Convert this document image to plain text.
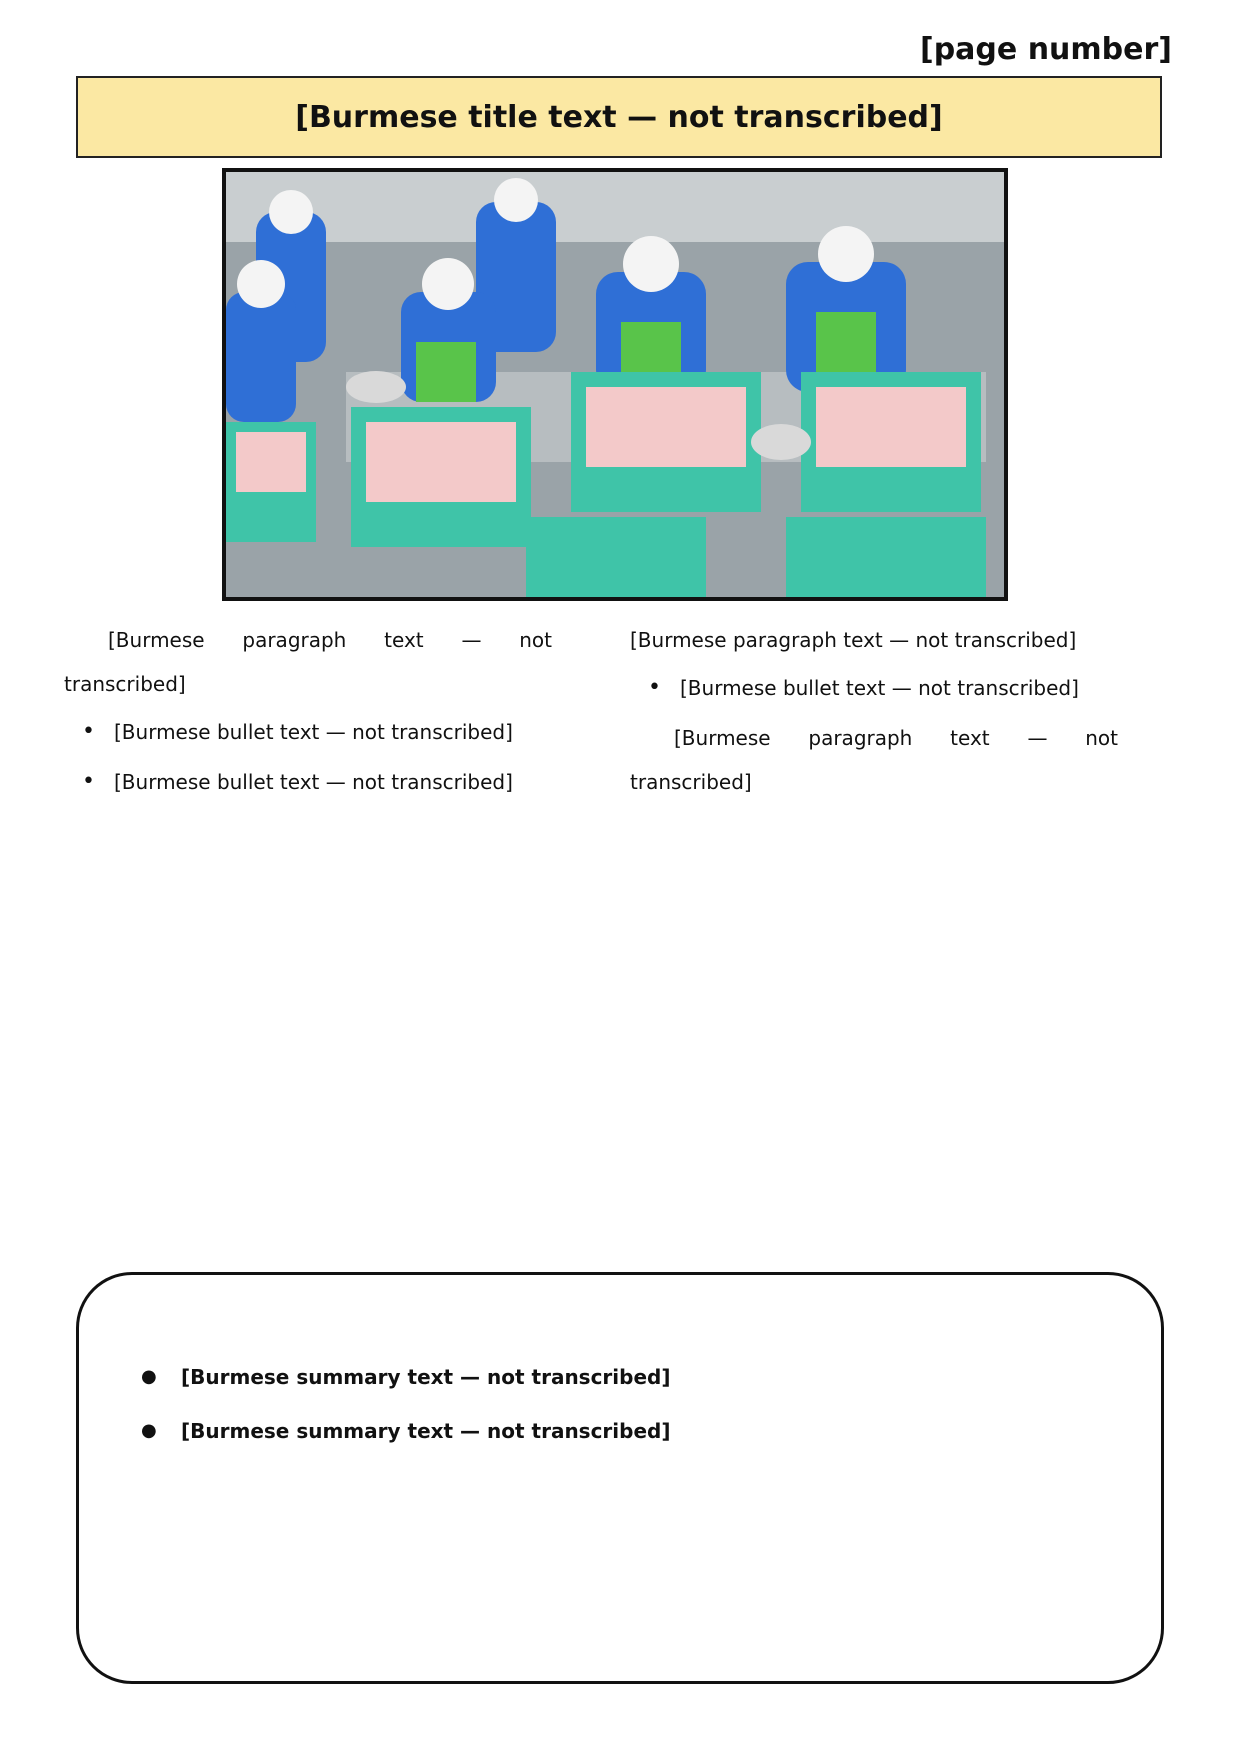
[page number]
[Burmese title text — not transcribed]

[Burmese paragraph text — not transcribed]

• [Burmese bullet text — not transcribed]

• [Burmese bullet text — not transcribed]

[Burmese paragraph text — not transcribed]

• [Burmese bullet text — not transcribed]

[Burmese paragraph text — not transcribed]

● [Burmese summary text — not transcribed]

● [Burmese summary text — not transcribed]
